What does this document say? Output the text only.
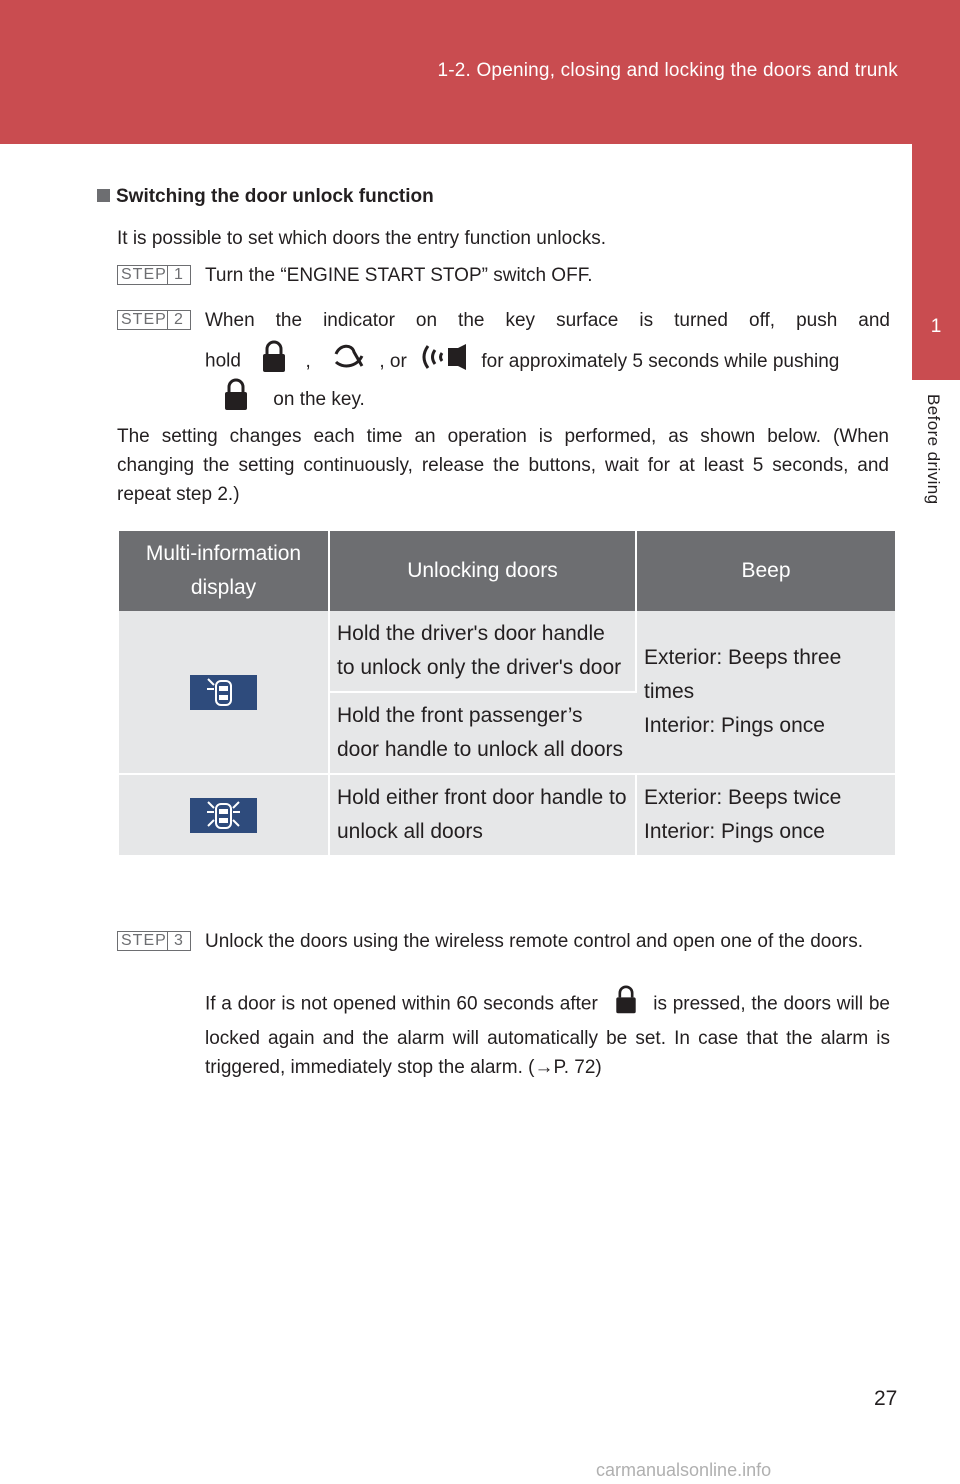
1-2. Opening, closing and locking the doors and trunk
1
Before driving
Switching the door unlock function
It is possible to set which doors the entry function unlocks.
STEP 1	Turn the “ENGINE START STOP” switch OFF.
STEP 2	When the indicator on the key surface is turned off, push and
hold	,	, or	for approximately 5 seconds while pushing
on the key.
The setting changes each time an operation is performed, as shown below. (When changing the setting continuously, release the buttons, wait for at least 5 seconds, and repeat step 2.)
Multi-information display	Unlocking doors	Beep
	Hold the driver's door handle to unlock only the driver's door	Exterior: Beeps three times
Interior: Pings once

	Hold the front passenger’s door handle to unlock all doors	
	Hold either front door handle to unlock all doors	Exterior: Beeps twice
Interior: Pings once
STEP 3	Unlock the doors using the wireless remote control and open one of the doors.
If a door is not opened within 60 seconds after	is pressed, the doors will be locked again and the alarm will automatically be set. In case that the alarm is triggered, immediately stop the alarm. (→P. 72)
27
carmanualsonline.info
